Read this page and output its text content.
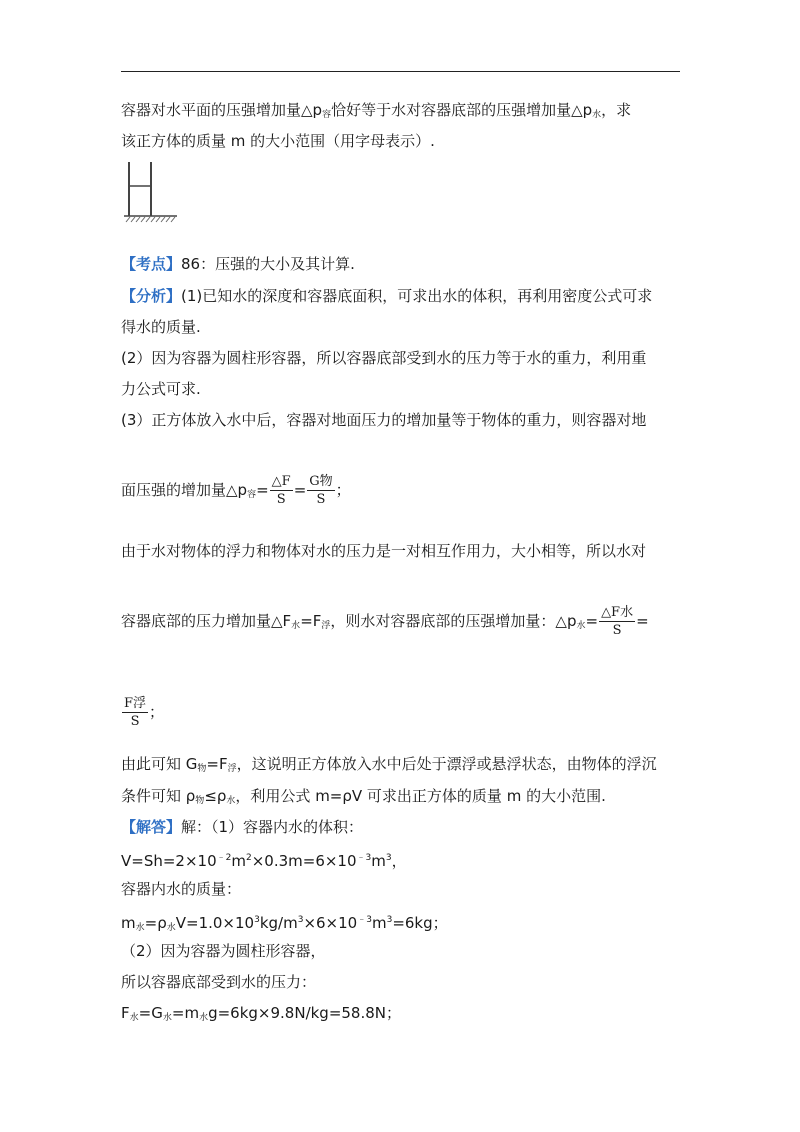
容器对水平面的压强增加量$\triangle p_容$恰好等于水对容器底部的压强增加量$\triangle p_水$，求
该正方体的质量 m 的大小范围（用字母表示）.
【考点】86：压强的大小及其计算.
【分析】(1)已知水的深度和容器底面积，可求出水的体积，再利用密度公式可求
得水的质量.
(2）因为容器为圆柱形容器，所以容器底部受到水的压力等于水的重力，利用重
力公式可求.
(3）正方体放入水中后，容器对地面压力的增加量等于物体的重力，则容器对地
面压强的增加量$\triangle p_容= \frac{\triangle F}{S} = \frac{\text{G物}}{S}$ ；
由于水对物体的浮力和物体对水的压力是一对相互作用力，大小相等，所以水对
容器底部的压力增加量$\triangle F_水=F_浮$，则水对容器底部的压强增加量：$\triangle p_水= \frac{\text{△F水}}{S}$ =
$\frac{\text{F浮}}{S}$ ；
由此可知 $G_物=F_浮$，这说明正方体放入水中后处于漂浮或悬浮状态，由物体的浮沉
条件可知 $\rho_物\le\rho_水$，利用公式 m=ρV 可求出正方体的质量 m 的大小范围.
【解答】解：（1）容器内水的体积：
$V=Sh=2\times 10^{﹣2}m^2\times 0.3m=6\times 10^{﹣3}m^3$，
容器内水的质量：
$m_水=\rho_水V=1.0\times 10^3kg/m^3\times 6\times 10^{﹣3}m^3=6kg$；
（2）因为容器为圆柱形容器，
所以容器底部受到水的压力：
$F_水=G_水=m_水g=6kg\times 9.8N/kg=58.8N$；
